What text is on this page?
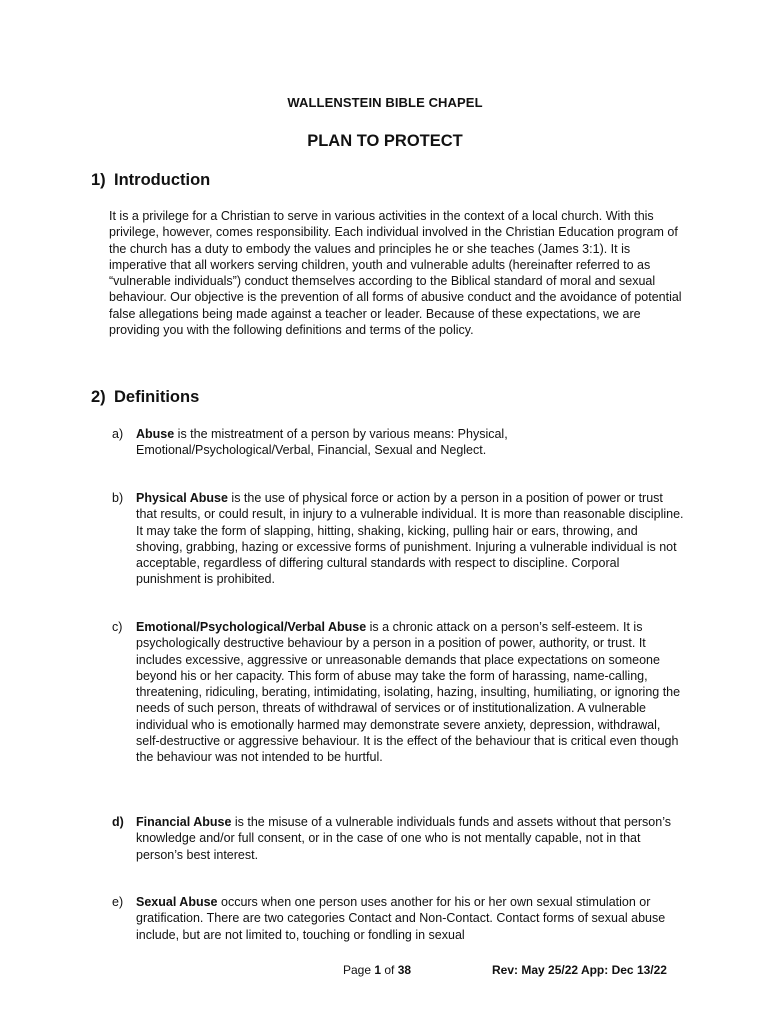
WALLENSTEIN BIBLE CHAPEL
PLAN TO PROTECT
1) Introduction

It is a privilege for a Christian to serve in various activities in the context of a local church. With this privilege, however, comes responsibility. Each individual involved in the Christian Education program of the church has a duty to embody the values and principles he or she teaches (James 3:1). It is imperative that all workers serving children, youth and vulnerable adults (hereinafter referred to as “vulnerable individuals”) conduct themselves according to the Biblical standard of moral and sexual behaviour. Our objective is the prevention of all forms of abusive conduct and the avoidance of potential false allegations being made against a teacher or leader. Because of these expectations, we are providing you with the following definitions and terms of the policy.

2) Definitions
a)	Abuse is the mistreatment of a person by various means: Physical, Emotional/Psychological/Verbal, Financial, Sexual and Neglect.
b)	Physical Abuse is the use of physical force or action by a person in a position of power or trust that results, or could result, in injury to a vulnerable individual. It is more than reasonable discipline. It may take the form of slapping, hitting, shaking, kicking, pulling hair or ears, throwing, and shoving, grabbing, hazing or excessive forms of punishment. Injuring a vulnerable individual is not acceptable, regardless of differing cultural standards with respect to discipline. Corporal punishment is prohibited.
c)	Emotional/Psychological/Verbal Abuse is a chronic attack on a person’s self-esteem. It is psychologically destructive behaviour by a person in a position of power, authority, or trust. It includes excessive, aggressive or unreasonable demands that place expectations on someone beyond his or her capacity. This form of abuse may take the form of harassing, name-calling, threatening, ridiculing, berating, intimidating, isolating, hazing, insulting, humiliating, or ignoring the needs of such person, threats of withdrawal of services or of institutionalization. A vulnerable individual who is emotionally harmed may demonstrate severe anxiety, depression, withdrawal, self-destructive or aggressive behaviour. It is the effect of the behaviour that is critical even though the behaviour was not intended to be hurtful.
d) Financial Abuse is the misuse of a vulnerable individuals funds and assets without that person’s knowledge and/or full consent, or in the case of one who is not mentally capable, not in that person’s best interest.
e)	Sexual Abuse occurs when one person uses another for his or her own sexual stimulation or gratification. There are two categories Contact and Non-Contact. Contact forms of sexual abuse include, but are not limited to, touching or fondling in sexual
Page 1 of 38	Rev: May 25/22 App: Dec 13/22
